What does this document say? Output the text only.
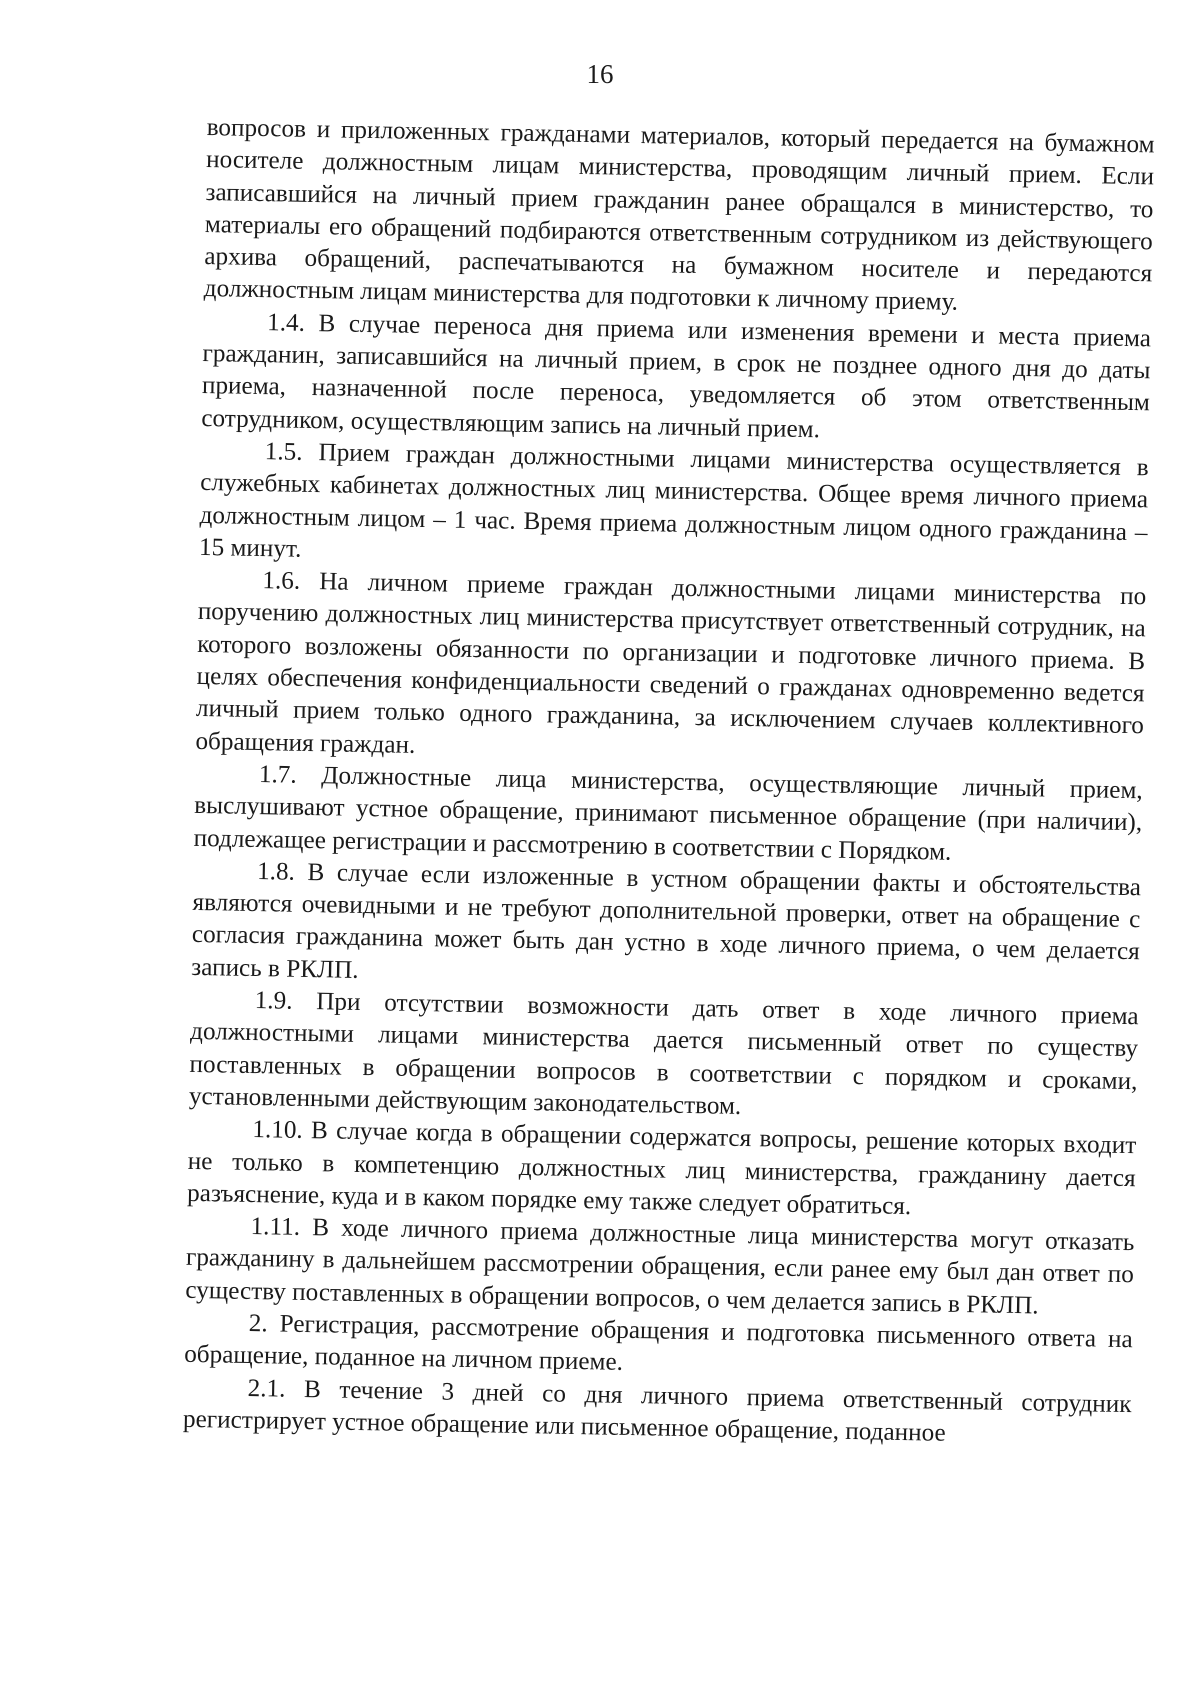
16

вопросов и приложенных гражданами материалов, который передается на бумажном носителе должностным лицам министерства, проводящим личный прием. Если записавшийся на личный прием гражданин ранее обращался в министерство, то материалы его обращений подбираются ответственным сотрудником из действующего архива обращений, распечатываются на бумажном носителе и передаются должностным лицам министерства для подготовки к личному приему.

1.4. В случае переноса дня приема или изменения времени и места приема гражданин, записавшийся на личный прием, в срок не позднее одного дня до даты приема, назначенной после переноса, уведомляется об этом ответственным сотрудником, осуществляющим запись на личный прием.

1.5. Прием граждан должностными лицами министерства осуществляется в служебных кабинетах должностных лиц министерства. Общее время личного приема должностным лицом – 1 час. Время приема должностным лицом одного гражданина – 15 минут.

1.6. На личном приеме граждан должностными лицами министерства по поручению должностных лиц министерства присутствует ответственный сотрудник, на которого возложены обязанности по организации и подготовке личного приема. В целях обеспечения конфиденциальности сведений о гражданах одновременно ведется личный прием только одного гражданина, за исключением случаев коллективного обращения граждан.

1.7. Должностные лица министерства, осуществляющие личный прием, выслушивают устное обращение, принимают письменное обращение (при наличии), подлежащее регистрации и рассмотрению в соответствии с Порядком.

1.8. В случае если изложенные в устном обращении факты и обстоятельства являются очевидными и не требуют дополнительной проверки, ответ на обращение с согласия гражданина может быть дан устно в ходе личного приема, о чем делается запись в РКЛП.

1.9. При отсутствии возможности дать ответ в ходе личного приема должностными лицами министерства дается письменный ответ по существу поставленных в обращении вопросов в соответствии с порядком и сроками, установленными действующим законодательством.

1.10. В случае когда в обращении содержатся вопросы, решение которых входит не только в компетенцию должностных лиц министерства, гражданину дается разъяснение, куда и в каком порядке ему также следует обратиться.

1.11. В ходе личного приема должностные лица министерства могут отказать гражданину в дальнейшем рассмотрении обращения, если ранее ему был дан ответ по существу поставленных в обращении вопросов, о чем делается запись в РКЛП.

2. Регистрация, рассмотрение обращения и подготовка письменного ответа на обращение, поданное на личном приеме.

2.1. В течение 3 дней со дня личного приема ответственный сотрудник регистрирует устное обращение или письменное обращение, поданное
